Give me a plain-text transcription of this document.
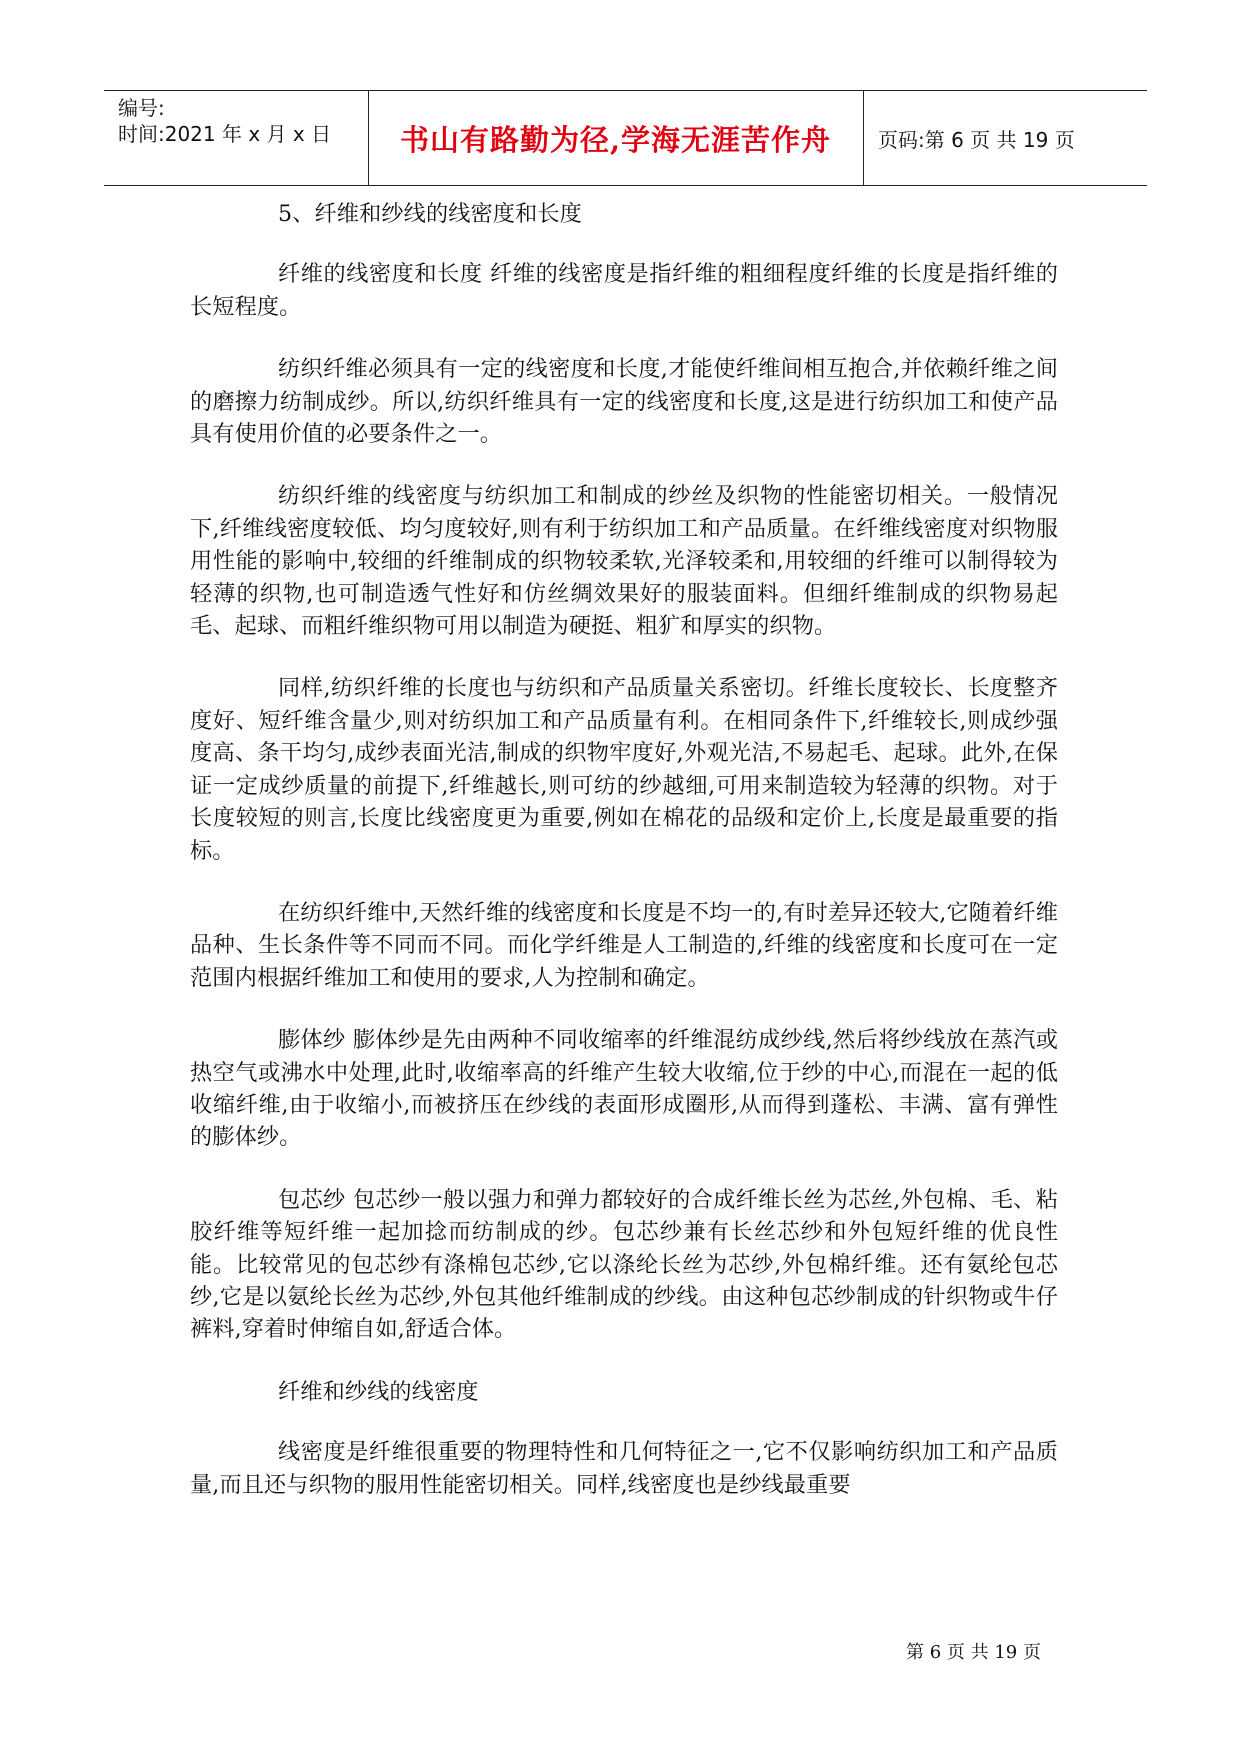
编号:
时间:2021 年 x 月 x 日 书山有路勤为径,学海无涯苦作舟 页码:第 6 页 共 19 页

5、纤维和纱线的线密度和长度

纤维的线密度和长度 纤维的线密度是指纤维的粗细程度纤维的长度是指纤维的长短程度。

纺织纤维必须具有一定的线密度和长度,才能使纤维间相互抱合,并依赖纤维之间的磨擦力纺制成纱。所以,纺织纤维具有一定的线密度和长度,这是进行纺织加工和使产品具有使用价值的必要条件之一。

纺织纤维的线密度与纺织加工和制成的纱丝及织物的性能密切相关。一般情况下,纤维线密度较低、均匀度较好,则有利于纺织加工和产品质量。在纤维线密度对织物服用性能的影响中,较细的纤维制成的织物较柔软,光泽较柔和,用较细的纤维可以制得较为轻薄的织物,也可制造透气性好和仿丝绸效果好的服装面料。但细纤维制成的织物易起毛、起球、而粗纤维织物可用以制造为硬挺、粗犷和厚实的织物。

同样,纺织纤维的长度也与纺织和产品质量关系密切。纤维长度较长、长度整齐度好、短纤维含量少,则对纺织加工和产品质量有利。在相同条件下,纤维较长,则成纱强度高、条干均匀,成纱表面光洁,制成的织物牢度好,外观光洁,不易起毛、起球。此外,在保证一定成纱质量的前提下,纤维越长,则可纺的纱越细,可用来制造较为轻薄的织物。对于长度较短的则言,长度比线密度更为重要,例如在棉花的品级和定价上,长度是最重要的指标。

在纺织纤维中,天然纤维的线密度和长度是不均一的,有时差异还较大,它随着纤维品种、生长条件等不同而不同。而化学纤维是人工制造的,纤维的线密度和长度可在一定范围内根据纤维加工和使用的要求,人为控制和确定。

膨体纱 膨体纱是先由两种不同收缩率的纤维混纺成纱线,然后将纱线放在蒸汽或热空气或沸水中处理,此时,收缩率高的纤维产生较大收缩,位于纱的中心,而混在一起的低收缩纤维,由于收缩小,而被挤压在纱线的表面形成圈形,从而得到蓬松、丰满、富有弹性的膨体纱。

包芯纱 包芯纱一般以强力和弹力都较好的合成纤维长丝为芯丝,外包棉、毛、粘胶纤维等短纤维一起加捻而纺制成的纱。包芯纱兼有长丝芯纱和外包短纤维的优良性能。比较常见的包芯纱有涤棉包芯纱,它以涤纶长丝为芯纱,外包棉纤维。还有氨纶包芯纱,它是以氨纶长丝为芯纱,外包其他纤维制成的纱线。由这种包芯纱制成的针织物或牛仔裤料,穿着时伸缩自如,舒适合体。

纤维和纱线的线密度

线密度是纤维很重要的物理特性和几何特征之一,它不仅影响纺织加工和产品质量,而且还与织物的服用性能密切相关。同样,线密度也是纱线最重要

第 6 页 共 19 页
